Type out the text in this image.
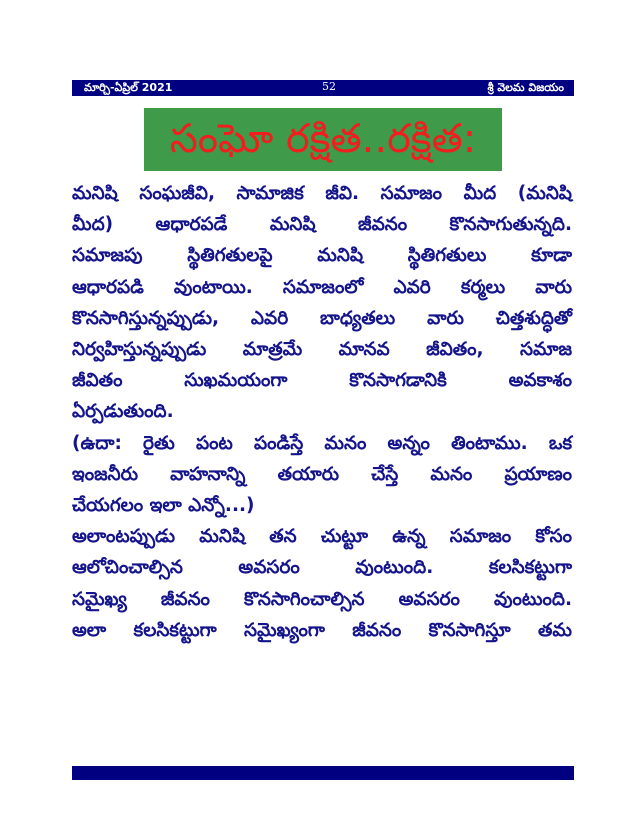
మార్చి-ఏప్రిల్ 2021	52	శ్రీ వెలమ విజయం
సంఘో రక్షిత..రక్షిత:
మనిషి సంఘజీవి, సామాజిక జీవి. సమాజం మీద (మనిషి
మీద) ఆధారపడే మనిషి జీవనం కొనసాగుతున్నది.
సమాజపు స్థితిగతులపై మనిషి స్థితిగతులు కూడా
ఆధారపడి వుంటాయి. సమాజంలో ఎవరి కర్మలు వారు
కొనసాగిస్తున్నప్పుడు, ఎవరి బాధ్యతలు వారు చిత్తశుద్ధితో
నిర్వహిస్తున్నప్పుడు మాత్రమే మానవ జీవితం, సమాజ
జీవితం సుఖమయంగా కొనసాగడానికి అవకాశం
ఏర్పడుతుంది.
(ఉదా: రైతు పంట పండిస్తే మనం అన్నం తింటాము. ఒక
ఇంజనీరు వాహనాన్ని తయారు చేస్తే మనం ప్రయాణం
చేయగలం ఇలా ఎన్నో...)
అలాంటప్పుడు మనిషి తన చుట్టూ ఉన్న సమాజం కోసం
ఆలోచించాల్సిన అవసరం వుంటుంది. కలసికట్టుగా
సమైఖ్య జీవనం కొనసాగించాల్సిన అవసరం వుంటుంది.
అలా కలసికట్టుగా సమైఖ్యంగా జీవనం కొనసాగిస్తూ తమ
